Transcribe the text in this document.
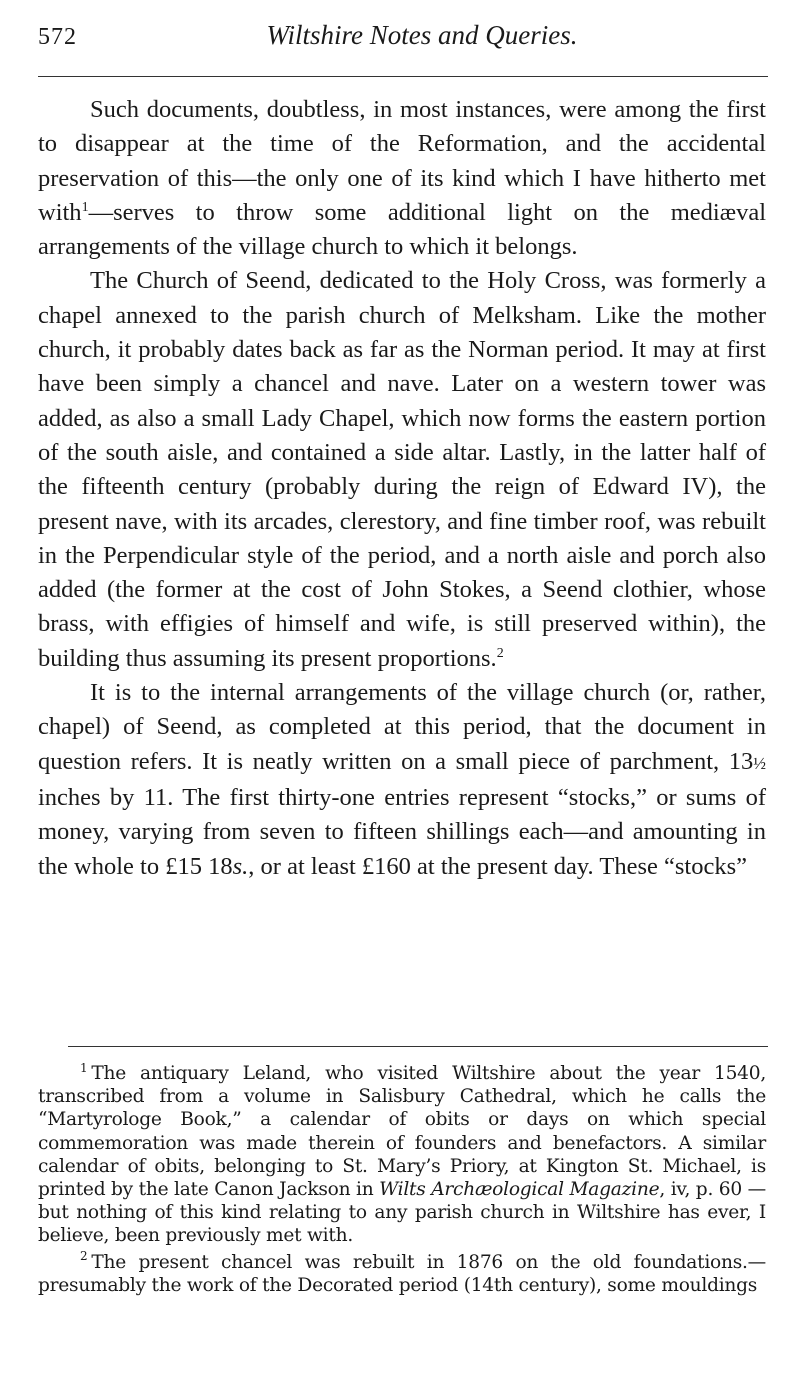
572	Wiltshire Notes and Queries.

Such documents, doubtless, in most instances, were among the first to disappear at the time of the Reformation, and the accidental preservation of this—the only one of its kind which I have hitherto met with$^1$—serves to throw some additional light on the mediæval arrangements of the village church to which it belongs.

The Church of Seend, dedicated to the Holy Cross, was formerly a chapel annexed to the parish church of Melksham. Like the mother church, it probably dates back as far as the Norman period. It may at first have been simply a chancel and nave. Later on a western tower was added, as also a small Lady Chapel, which now forms the eastern portion of the south aisle, and contained a side altar. Lastly, in the latter half of the fifteenth century (probably during the reign of Edward IV), the present nave, with its arcades, clerestory, and fine timber roof, was rebuilt in the Perpendicular style of the period, and a north aisle and porch also added (the former at the cost of John Stokes, a Seend clothier, whose brass, with effigies of himself and wife, is still preserved within), the building thus assuming its present proportions.$^2$

It is to the internal arrangements of the village church (or, rather, chapel) of Seend, as completed at this period, that the document in question refers. It is neatly written on a small piece of parchment, 13½ inches by 11. The first thirty-one entries represent “stocks,” or sums of money, varying from seven to fifteen shillings each—and amounting in the whole to £15 18s., or at least £160 at the present day. These “stocks”

$^1$ The antiquary Leland, who visited Wiltshire about the year 1540, transcribed from a volume in Salisbury Cathedral, which he calls the “Martyrologe Book,” a calendar of obits or days on which special commemoration was made therein of founders and benefactors. A similar calendar of obits, belonging to St. Mary’s Priory, at Kington St. Michael, is printed by the late Canon Jackson in Wilts Archæological Magazine, iv, p. 60 —but nothing of this kind relating to any parish church in Wiltshire has ever, I believe, been previously met with.

$^2$ The present chancel was rebuilt in 1876 on the old foundations.—presumably the work of the Decorated period (14th century), some mouldings
